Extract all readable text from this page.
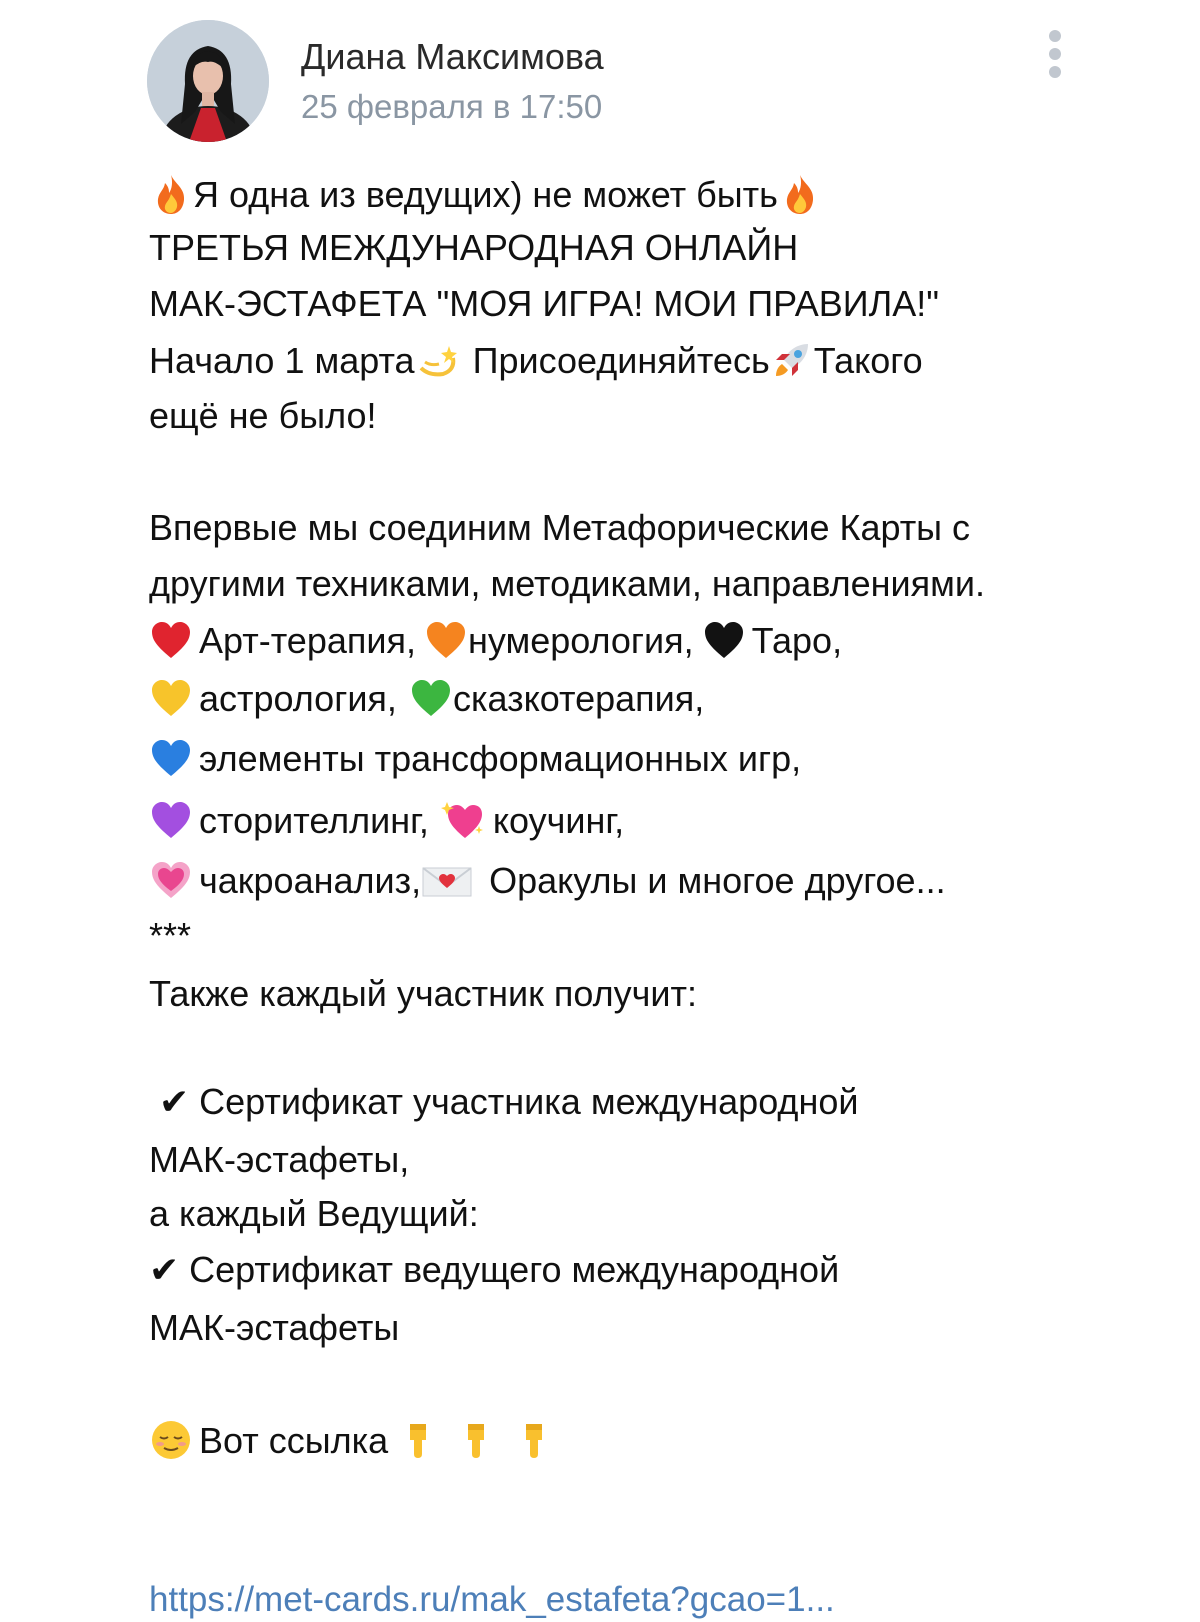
Диана Максимова
25 февраля в 17:50
Я одна из ведущих) не может быть
ТРЕТЬЯ МЕЖДУНАРОДНАЯ ОНЛАЙН
МАК-ЭСТАФЕТА "МОЯ ИГРА! МОИ ПРАВИЛА!"
Начало 1 марта Присоединяйтесь Такого
ещё не было!
Впервые мы соединим Метафорические Карты с
другими техниками, методиками, направлениями.
Арт-терапия, нумерология, Таро,
астрология, сказкотерапия,
элементы трансформационных игр,
сторителлинг, коучинг,
чакроанализ, Оракулы и многое другое...
***
Также каждый участник получит:
✔ Сертификат участника международной
МАК-эстафеты,
а каждый Ведущий:
✔ Сертификат ведущего международной
МАК-эстафеты
Вот ссылка
https://met-cards.ru/mak_estafeta?gcao=1...
